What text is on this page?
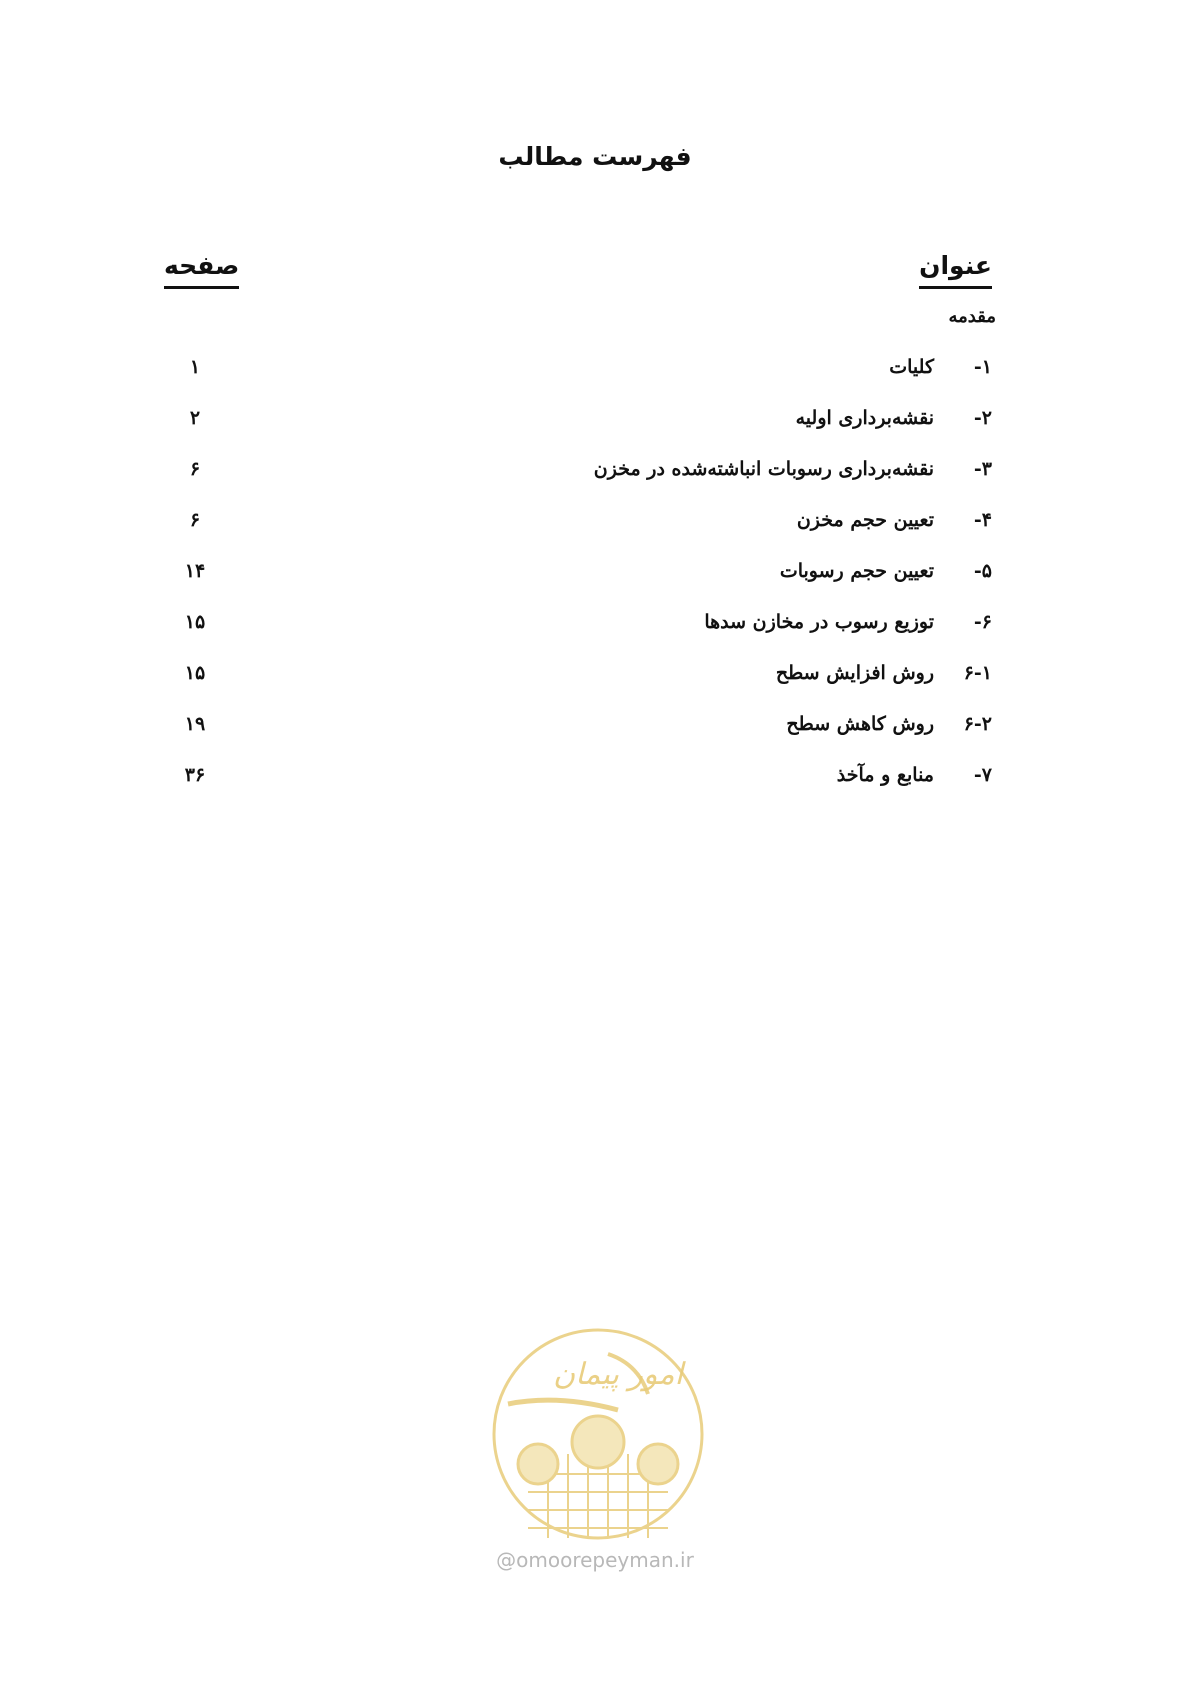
فهرست مطالب
عنوان
صفحه
مقدمه
۱-
کلیات
۱
۲-
نقشه‌برداری اولیه
۲
۳-
نقشه‌برداری رسوبات انباشته‌شده در مخزن
۶
۴-
تعیین حجم مخزن
۶
۵-
تعیین حجم رسوبات
۱۴
۶-
توزیع رسوب در مخازن سدها
۱۵
۶-۱
روش افزایش سطح
۱۵
۶-۲
روش کاهش سطح
۱۹
۷-
منابع و مآخذ
۳۶
امور پیمان
@omoorepeyman.ir
